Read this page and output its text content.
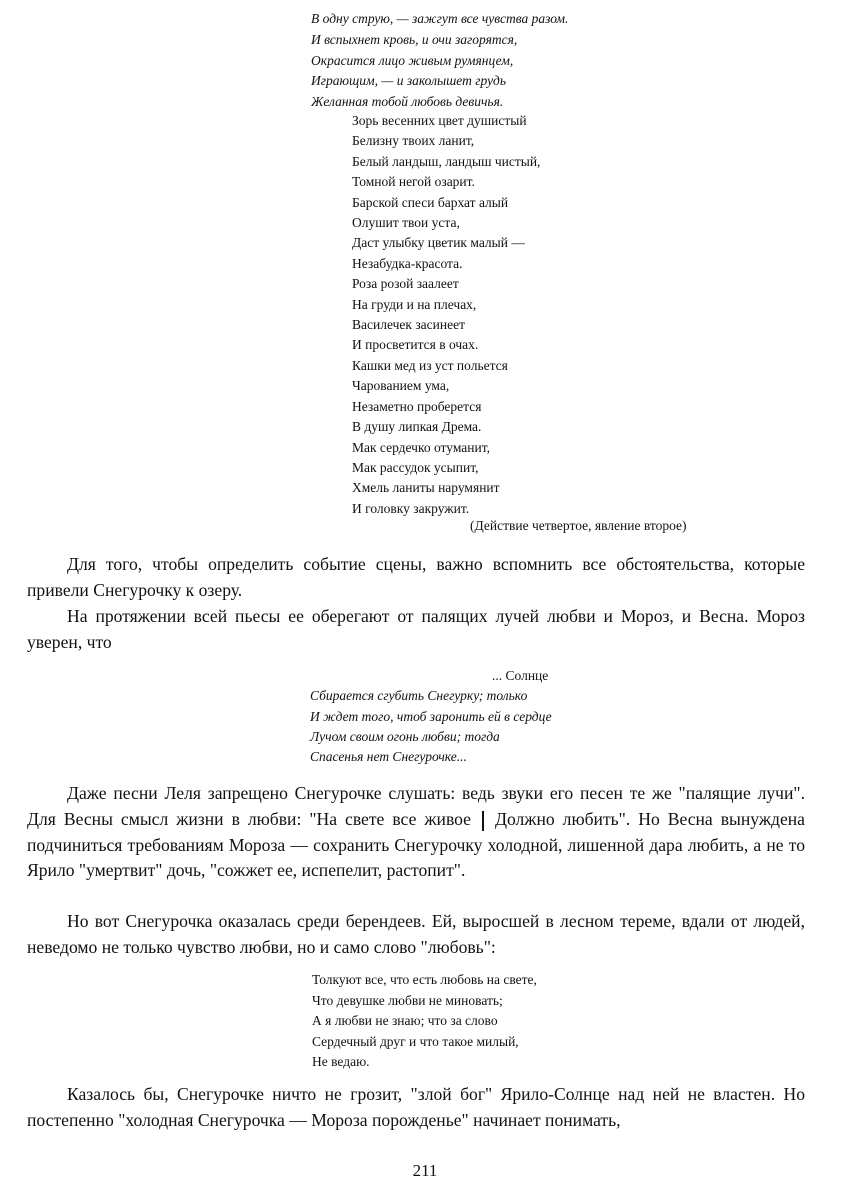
В одну струю, — зажгут все чувства разом.
И вспыхнет кровь, и очи загорятся,
Окрасится лицо живым румянцем,
Играющим, — и заколышет грудь
Желанная тобой любовь девичья.
Зорь весенних цвет душистый
Белизну твоих ланит,
Белый ландыш, ландыш чистый,
Томной негой озарит.
Барской спеси бархат алый
Олушит твои уста,
Даст улыбку цветик малый —
Незабудка-красота.
Роза розой заалеет
На груди и на плечах,
Василечек засинеет
И просветится в очах.
Кашки мед из уст польется
Чарованием ума,
Незаметно проберется
В душу липкая Дрема.
Мак сердечко отуманит,
Мак рассудок усыпит,
Хмель ланиты нарумянит
И головку закружит.
(Действие четвертое, явление второе)

Для того, чтобы определить событие сцены, важно вспомнить все обстоятельства, которые привели Снегурочку к озеру.

На протяжении всей пьесы ее оберегают от палящих лучей любви и Мороз, и Весна. Мороз уверен, что

... Солнце
Сбирается сгубить Снегурку; только
И ждет того, чтоб заронить ей в сердце
Лучом своим огонь любви; тогда
Спасенья нет Снегурочке...

Даже песни Леля запрещено Снегурочке слушать: ведь звуки его песен те же "палящие лучи". Для Весны смысл жизни в любви: "На свете все живое Должно любить". Но Весна вынуждена подчиниться требованиям Мороза — сохранить Снегурочку холодной, лишенной дара любить, а не то Ярило "умертвит" дочь, "сожжет ее, испепелит, растопит".

Но вот Снегурочка оказалась среди берендеев. Ей, выросшей в лесном тереме, вдали от людей, неведомо не только чувство любви, но и само слово "любовь":

Толкуют все, что есть любовь на свете,
Что девушке любви не миновать;
А я любви не знаю; что за слово
Сердечный друг и что такое милый,
Не ведаю.

Казалось бы, Снегурочке ничто не грозит, "злой бог" Ярило-Солнце над ней не властен. Но постепенно "холодная Снегурочка — Мороза порожденье" начинает понимать,

211
